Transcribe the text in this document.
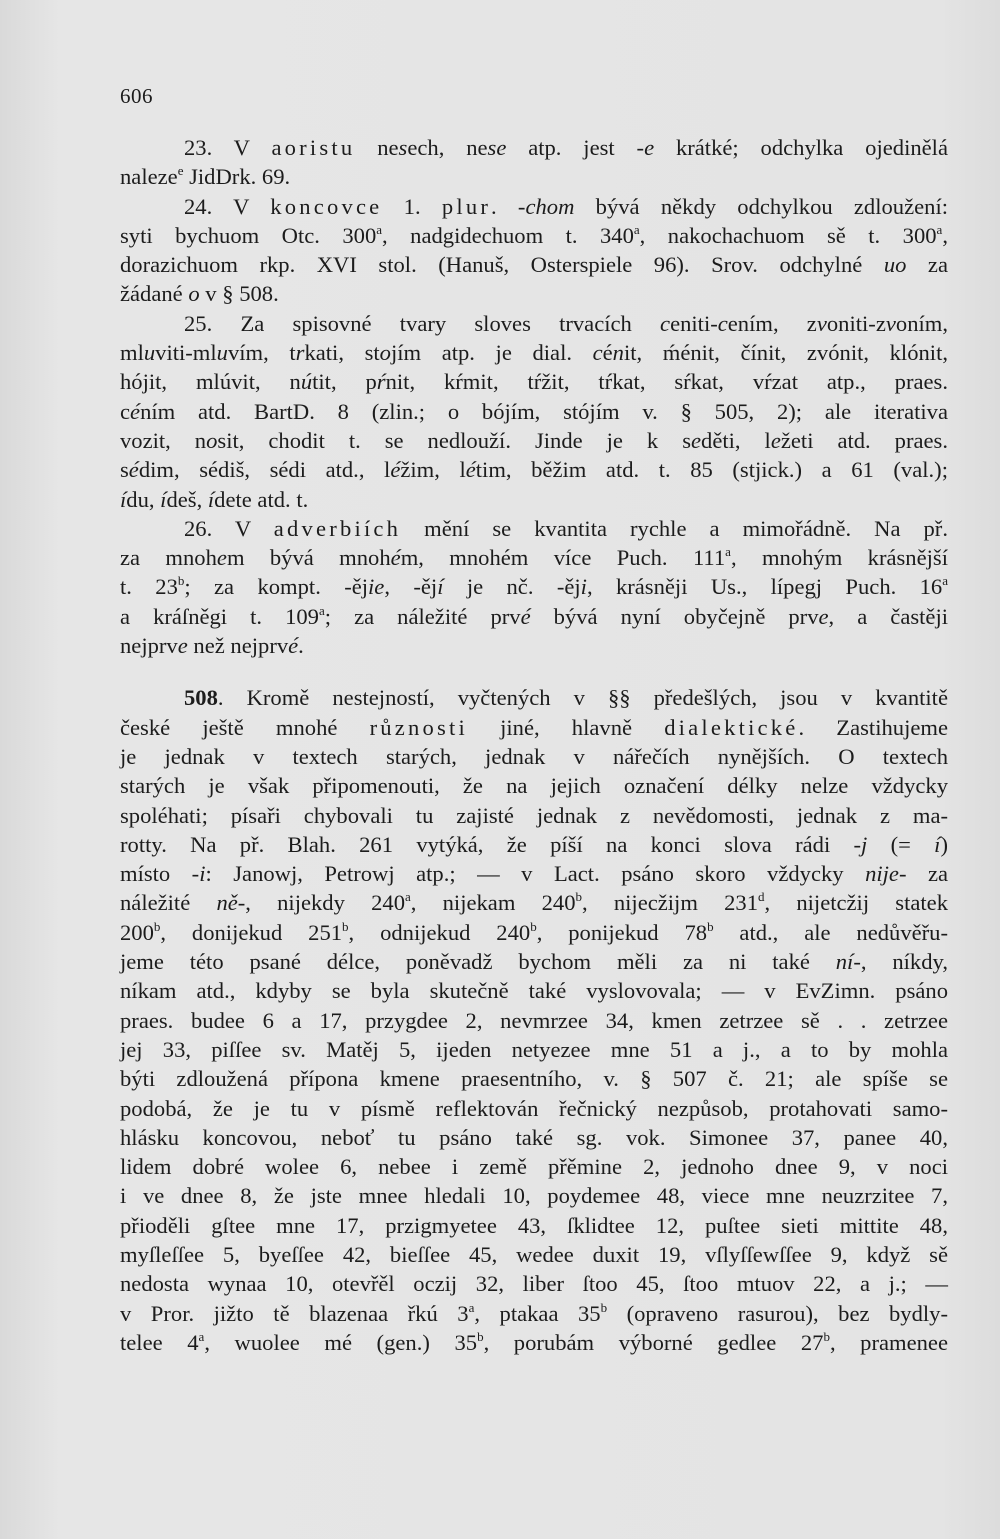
606
23. V aoristu nesech, nese atp. jest -e krátké; odchylka ojedinělá
naleze$^e$ JidDrk. 69.
24. V koncovce 1. plur. -chom bývá někdy odchylkou zdloužení:
syti bychuom Otc. 300$^a$, nadgidechuom t. 340$^a$, nakochachuom sě t. 300$^a$,
dorazichuom rkp. XVI stol. (Hanuš, Osterspiele 96). Srov. odchylné uo za
žádané o v § 508.
25. Za spisovné tvary sloves trvacích ceniti-cením, zvoniti-zvoním,
mluviti-mluvím, trkati, stojím atp. je dial. cénit, ḿénit, čínit, zvónit, klónit,
hójit, mlúvit, nútit, pŕnit, kŕmit, tŕžit, tŕkat, sŕkat, vŕzat atp., praes.
céním atd. BartD. 8 (zlin.; o bójím, stójím v. § 505, 2); ale iterativa
vozit, nosit, chodit t. se nedlouží. Jinde je k seděti, ležeti atd. praes.
sédim, sédiš, sédi atd., léžim, létim, běžim atd. t. 85 (stjick.) a 61 (val.);
ídu, ídeš, ídete atd. t.
26. V adverbiích mění se kvantita rychle a mimořádně. Na př.
za mnohem bývá mnohém, mnohém více Puch. 111$^a$, mnohým krásnější
t. 23$^b$; za kompt. -ějie, -ějí je nč. -ěji, krásněji Us., lípegj Puch. 16$^a$
a kráſněgi t. 109$^a$; za náležité prvé bývá nyní obyčejně prve, a častěji
nejprve než nejprvé.
508. Kromě nestejností, vyčtených v §§ předešlých, jsou v kvantitě
české ještě mnohé různosti jiné, hlavně dialektické. Zastihujeme
je jednak v textech starých, jednak v nářečích nynějších. O textech
starých je však připomenouti, že na jejich označení délky nelze vždycky
spoléhati; písaři chybovali tu zajisté jednak z nevědomosti, jednak z ma-
rotty. Na př. Blah. 261 vytýká, že píší na konci slova rádi -j (= í)
místo -i: Janowj, Petrowj atp.; — v Lact. psáno skoro vždycky nije- za
náležité ně-, nijekdy 240$^a$, nijekam 240$^b$, nijecžijm 231$^d$, nijetcžij statek
200$^b$, donijekud 251$^b$, odnijekud 240$^b$, ponijekud 78$^b$ atd., ale nedůvěřu-
jeme této psané délce, poněvadž bychom měli za ni také ní-, níkdy,
níkam atd., kdyby se byla skutečně také vyslovovala; — v EvZimn. psáno
praes. budee 6 a 17, przygdee 2, nevmrzee 34, kmen zetrzee sě . . zetrzee
jej 33, piſſee sv. Matěj 5, ijeden netyezee mne 51 a j., a to by mohla
býti zdloužená přípona kmene praesentního, v. § 507 č. 21; ale spíše se
podobá, že je tu v písmě reflektován řečnický nezpůsob, protahovati samo-
hlásku koncovou, neboť tu psáno také sg. vok. Simonee 37, panee 40,
lidem dobré wolee 6, nebee i země přěmine 2, jednoho dnee 9, v noci
i ve dnee 8, že jste mnee hledali 10, poydemee 48, viece mne neuzrzitee 7,
přioděli gſtee mne 17, przigmyetee 43, ſklidtee 12, puſtee sieti mittite 48,
myſleſſee 5, byeſſee 42, bieſſee 45, wedee duxit 19, vſlyſſewſſee 9, když sě
nedosta wynaa 10, otevřěl oczij 32, liber ſtoo 45, ſtoo mtuov 22, a j.; —
v Pror. jižto tě blazenaa řkú 3$^a$, ptakaa 35$^b$ (opraveno rasurou), bez bydly-
telee 4$^a$, wuolee mé (gen.) 35$^b$, porubám výborné gedlee 27$^b$, pramenee
